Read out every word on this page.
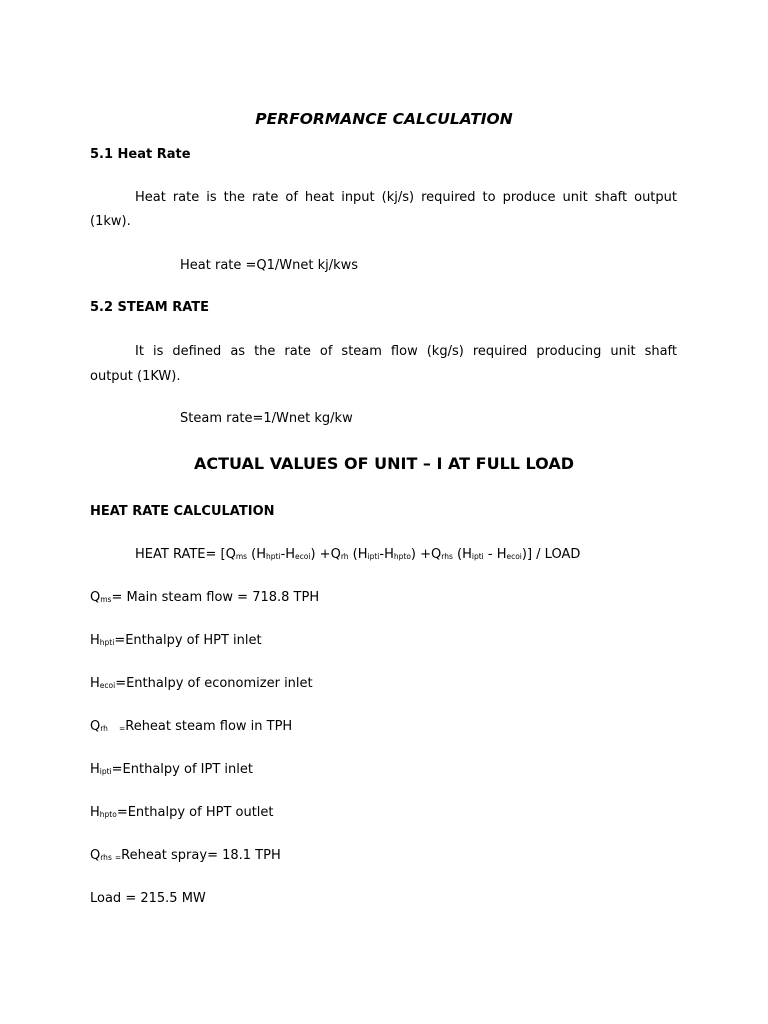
PERFORMANCE CALCULATION
5.1 Heat Rate
Heat rate is the rate of heat input (kj/s) required to produce unit shaft output
(1kw).
Heat rate =Q1/Wnet kj/kws
5.2 STEAM RATE
It is defined as the rate of steam flow (kg/s) required producing unit shaft
output (1KW).
Steam rate=1/Wnet kg/kw
ACTUAL VALUES OF UNIT – I AT FULL LOAD
HEAT RATE CALCULATION
HEAT RATE= [Qms (Hhpti-Hecoi) +Qrh (Hipti-Hhpto) +Qrhs (Hipti - Hecoi)] / LOAD
Qms= Main steam flow = 718.8 TPH
Hhpti=Enthalpy of HPT inlet
Hecoi=Enthalpy of economizer inlet
Qrh =Reheat steam flow in TPH
Hipti=Enthalpy of IPT inlet
Hhpto=Enthalpy of HPT outlet
Qrhs =Reheat spray= 18.1 TPH
Load = 215.5 MW
